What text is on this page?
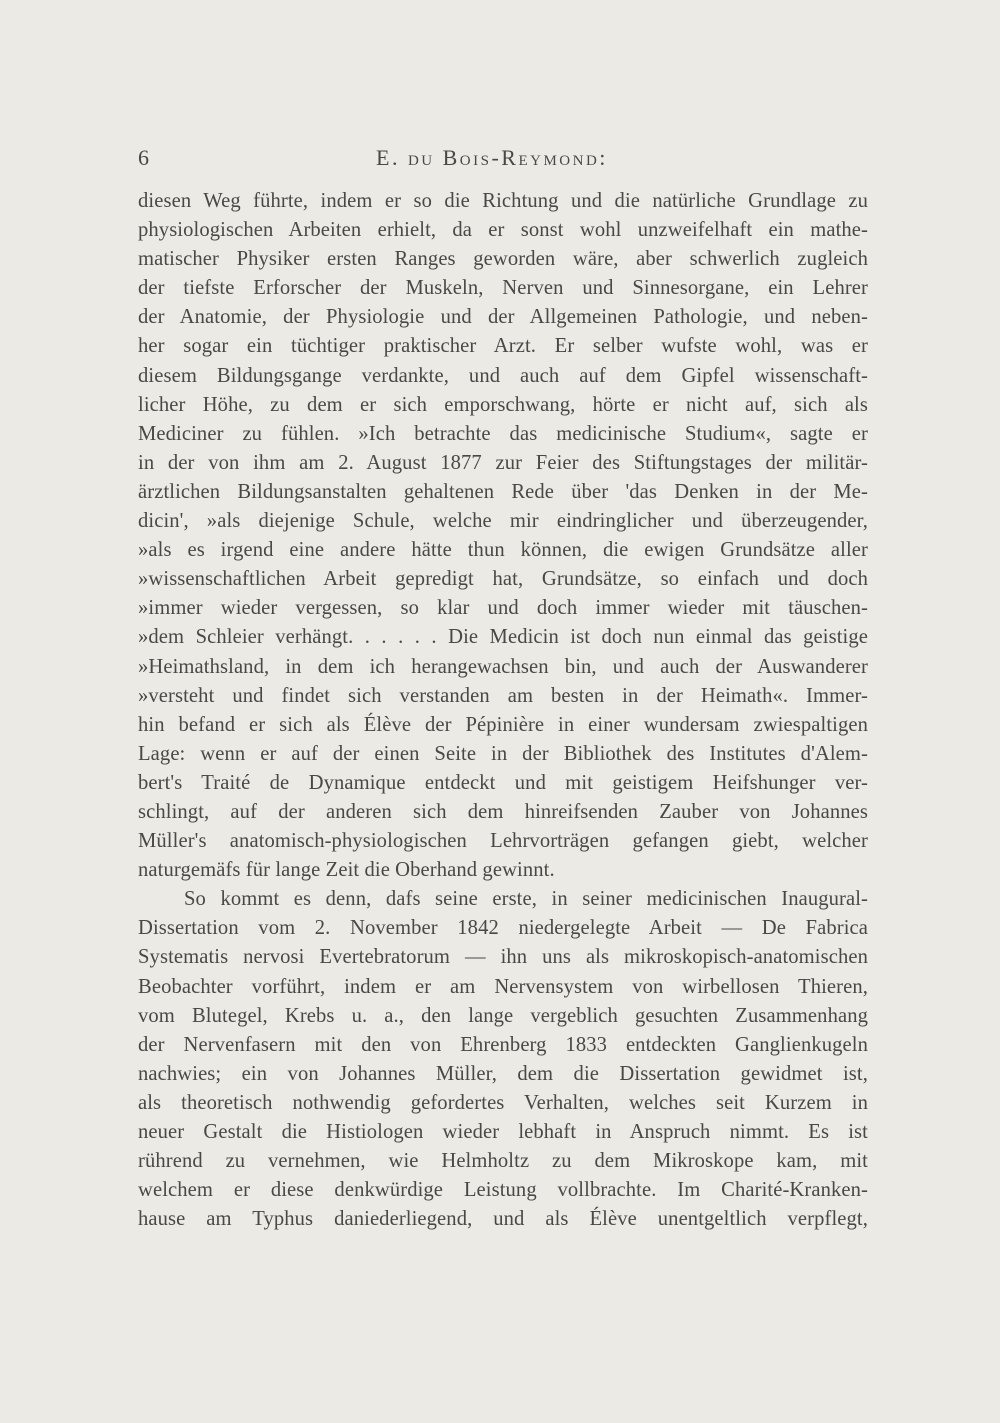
6	E. du Bois-Reymond:
diesen Weg führte, indem er so die Richtung und die natürliche Grundlage zu
physiologischen Arbeiten erhielt, da er sonst wohl unzweifelhaft ein mathe-
matischer Physiker ersten Ranges geworden wäre, aber schwerlich zugleich
der tiefste Erforscher der Muskeln, Nerven und Sinnesorgane, ein Lehrer
der Anatomie, der Physiologie und der Allgemeinen Pathologie, und neben-
her sogar ein tüchtiger praktischer Arzt. Er selber wufste wohl, was er
diesem Bildungsgange verdankte, und auch auf dem Gipfel wissenschaft-
licher Höhe, zu dem er sich emporschwang, hörte er nicht auf, sich als
Mediciner zu fühlen. »Ich betrachte das medicinische Studium«, sagte er
in der von ihm am 2. August 1877 zur Feier des Stiftungstages der militär-
ärztlichen Bildungsanstalten gehaltenen Rede über 'das Denken in der Me-
dicin', »als diejenige Schule, welche mir eindringlicher und überzeugender,
»als es irgend eine andere hätte thun können, die ewigen Grundsätze aller
»wissenschaftlichen Arbeit gepredigt hat, Grundsätze, so einfach und doch
»immer wieder vergessen, so klar und doch immer wieder mit täuschen-
»dem Schleier verhängt. . . . . . Die Medicin ist doch nun einmal das geistige
»Heimathsland, in dem ich herangewachsen bin, und auch der Auswanderer
»versteht und findet sich verstanden am besten in der Heimath«. Immer-
hin befand er sich als Élève der Pépinière in einer wundersam zwiespaltigen
Lage: wenn er auf der einen Seite in der Bibliothek des Institutes d'Alem-
bert's Traité de Dynamique entdeckt und mit geistigem Heifshunger ver-
schlingt, auf der anderen sich dem hinreifsenden Zauber von Johannes
Müller's anatomisch-physiologischen Lehrvorträgen gefangen giebt, welcher
naturgemäfs für lange Zeit die Oberhand gewinnt.
So kommt es denn, dafs seine erste, in seiner medicinischen Inaugural-
Dissertation vom 2. November 1842 niedergelegte Arbeit — De Fabrica
Systematis nervosi Evertebratorum — ihn uns als mikroskopisch-anatomischen
Beobachter vorführt, indem er am Nervensystem von wirbellosen Thieren,
vom Blutegel, Krebs u. a., den lange vergeblich gesuchten Zusammenhang
der Nervenfasern mit den von Ehrenberg 1833 entdeckten Ganglienkugeln
nachwies; ein von Johannes Müller, dem die Dissertation gewidmet ist,
als theoretisch nothwendig gefordertes Verhalten, welches seit Kurzem in
neuer Gestalt die Histiologen wieder lebhaft in Anspruch nimmt. Es ist
rührend zu vernehmen, wie Helmholtz zu dem Mikroskope kam, mit
welchem er diese denkwürdige Leistung vollbrachte. Im Charité-Kranken-
hause am Typhus daniederliegend, und als Élève unentgeltlich verpflegt,
